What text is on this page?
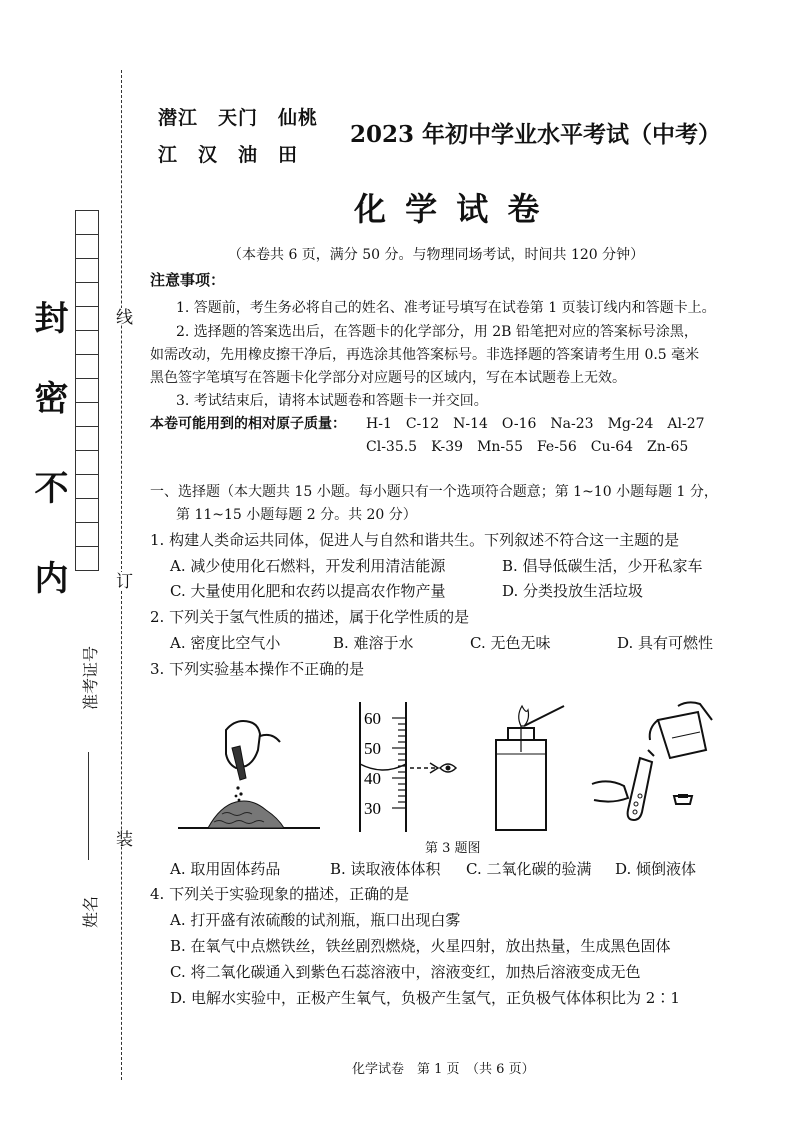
封
密
不
内
线
订
装
准考证号
姓名
潜江　天门　仙桃
江　汉　油　田
2023 年初中学业水平考试（中考）
化 学 试 卷
（本卷共 6 页，满分 50 分。与物理同场考试，时间共 120 分钟）
注意事项：
1. 答题前，考生务必将自己的姓名、准考证号填写在试卷第 1 页装订线内和答题卡上。
2. 选择题的答案选出后，在答题卡的化学部分，用 2B 铅笔把对应的答案标号涂黑，
如需改动，先用橡皮擦干净后，再选涂其他答案标号。非选择题的答案请考生用 0.5 毫米
黑色签字笔填写在答题卡化学部分对应题号的区域内，写在本试题卷上无效。
3. 考试结束后，请将本试题卷和答题卡一并交回。
本卷可能用到的相对原子质量： H-1　C-12　N-14　O-16　Na-23　Mg-24　Al-27
Cl-35.5　K-39　Mn-55　Fe-56　Cu-64　Zn-65
一、选择题（本大题共 15 小题。每小题只有一个选项符合题意；第 1~10 小题每题 1 分，
第 11~15 小题每题 2 分。共 20 分）
1. 构建人类命运共同体，促进人与自然和谐共生。下列叙述不符合这一主题的是
A. 减少使用化石燃料，开发利用清洁能源	B. 倡导低碳生活，少开私家车
C. 大量使用化肥和农药以提高农作物产量	D. 分类投放生活垃圾
2. 下列关于氢气性质的描述，属于化学性质的是
A. 密度比空气小	B. 难溶于水	C. 无色无味	D. 具有可燃性
3. 下列实验基本操作不正确的是
60
50
40
30
第 3 题图
A. 取用固体药品	B. 读取液体体积 C. 二氧化碳的验满 D. 倾倒液体
4. 下列关于实验现象的描述，正确的是
A. 打开盛有浓硫酸的试剂瓶，瓶口出现白雾
B. 在氧气中点燃铁丝，铁丝剧烈燃烧，火星四射，放出热量，生成黑色固体
C. 将二氧化碳通入到紫色石蕊溶液中，溶液变红，加热后溶液变成无色
D. 电解水实验中，正极产生氧气，负极产生氢气，正负极气体体积比为 2∶1
化学试卷　第 1 页　（共 6 页）
